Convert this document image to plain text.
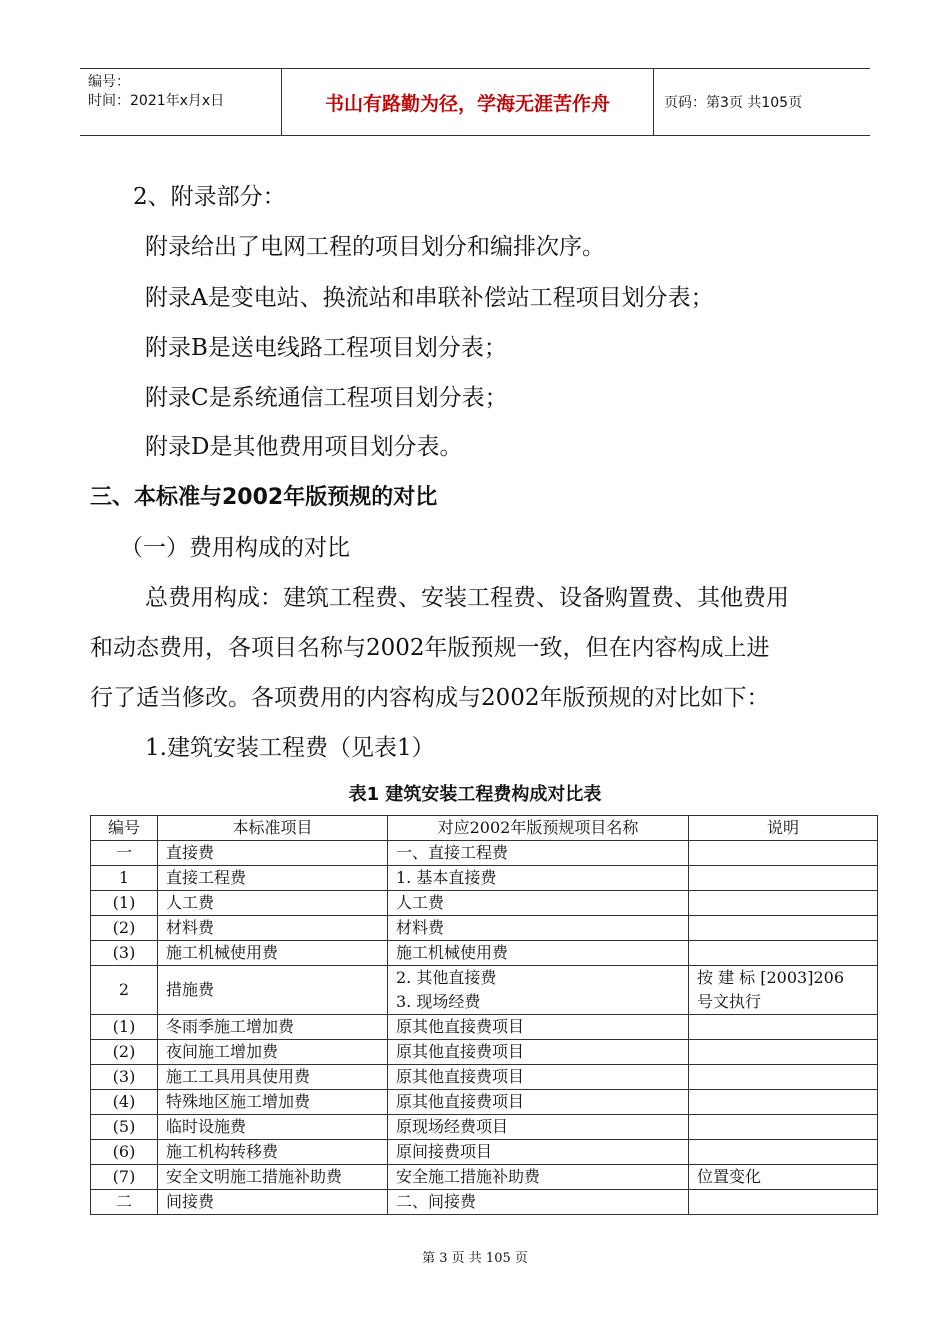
编号：
时间：2021年x月x日	书山有路勤为径，学海无涯苦作舟	页码：第3页 共105页
2、附录部分：
附录给出了电网工程的项目划分和编排次序。
附录A是变电站、换流站和串联补偿站工程项目划分表；
附录B是送电线路工程项目划分表；
附录C是系统通信工程项目划分表；
附录D是其他费用项目划分表。
三、本标准与2002年版预规的对比
（一）费用构成的对比
总费用构成：建筑工程费、安装工程费、设备购置费、其他费用
和动态费用，各项目名称与2002年版预规一致，但在内容构成上进
行了适当修改。各项费用的内容构成与2002年版预规的对比如下：
1.建筑安装工程费（见表1）
表1 建筑安装工程费构成对比表
编号	本标准项目	对应2002年版预规项目名称	说明
一	直接费	一、直接工程费	
1	直接工程费	1. 基本直接费	
(1)	人工费	人工费	
(2)	材料费	材料费	
(3)	施工机械使用费	施工机械使用费	
2	措施费	2. 其他直接费	按 建 标 [2003]206
		3. 现场经费	号文执行
(1)	冬雨季施工增加费	原其他直接费项目	
(2)	夜间施工增加费	原其他直接费项目	
(3)	施工工具用具使用费	原其他直接费项目	
(4)	特殊地区施工增加费	原其他直接费项目	
(5)	临时设施费	原现场经费项目	
(6)	施工机构转移费	原间接费项目	
(7)	安全文明施工措施补助费	安全施工措施补助费	位置变化
二	间接费	二、间接费	
第 3 页 共 105 页
